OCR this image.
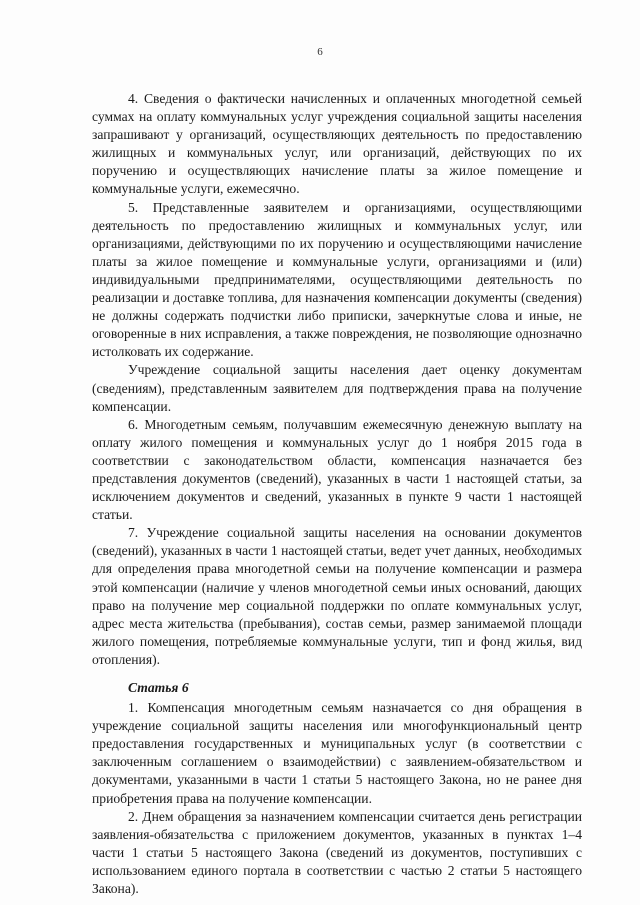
6

4. Сведения о фактически начисленных и оплаченных многодетной семьей суммах на оплату коммунальных услуг учреждения социальной защиты населения запрашивают у организаций, осуществляющих деятельность по предоставлению жилищных и коммунальных услуг, или организаций, действующих по их поручению и осуществляющих начисление платы за жилое помещение и коммунальные услуги, ежемесячно.

5. Представленные заявителем и организациями, осуществляющими деятельность по предоставлению жилищных и коммунальных услуг, или организациями, действующими по их поручению и осуществляющими начисление платы за жилое помещение и коммунальные услуги, организациями и (или) индивидуальными предпринимателями, осуществляющими деятельность по реализации и доставке топлива, для назначения компенсации документы (сведения) не должны содержать подчистки либо приписки, зачеркнутые слова и иные, не оговоренные в них исправления, а также повреждения, не позволяющие однозначно истолковать их содержание.

Учреждение социальной защиты населения дает оценку документам (сведениям), представленным заявителем для подтверждения права на получение компенсации.

6. Многодетным семьям, получавшим ежемесячную денежную выплату на оплату жилого помещения и коммунальных услуг до 1 ноября 2015 года в соответствии с законодательством области, компенсация назначается без представления документов (сведений), указанных в части 1 настоящей статьи, за исключением документов и сведений, указанных в пункте 9 части 1 настоящей статьи.

7. Учреждение социальной защиты населения на основании документов (сведений), указанных в части 1 настоящей статьи, ведет учет данных, необходимых для определения права многодетной семьи на получение компенсации и размера этой компенсации (наличие у членов многодетной семьи иных оснований, дающих право на получение мер социальной поддержки по оплате коммунальных услуг, адрес места жительства (пребывания), состав семьи, размер занимаемой площади жилого помещения, потребляемые коммунальные услуги, тип и фонд жилья, вид отопления).

Статья 6

1. Компенсация многодетным семьям назначается со дня обращения в учреждение социальной защиты населения или многофункциональный центр предоставления государственных и муниципальных услуг (в соответствии с заключенным соглашением о взаимодействии) с заявлением-обязательством и документами, указанными в части 1 статьи 5 настоящего Закона, но не ранее дня приобретения права на получение компенсации.

2. Днем обращения за назначением компенсации считается день регистрации заявления-обязательства с приложением документов, указанных в пунктах 1–4 части 1 статьи 5 настоящего Закона (сведений из документов, поступивших с использованием единого портала в соответствии с частью 2 статьи 5 настоящего Закона).
